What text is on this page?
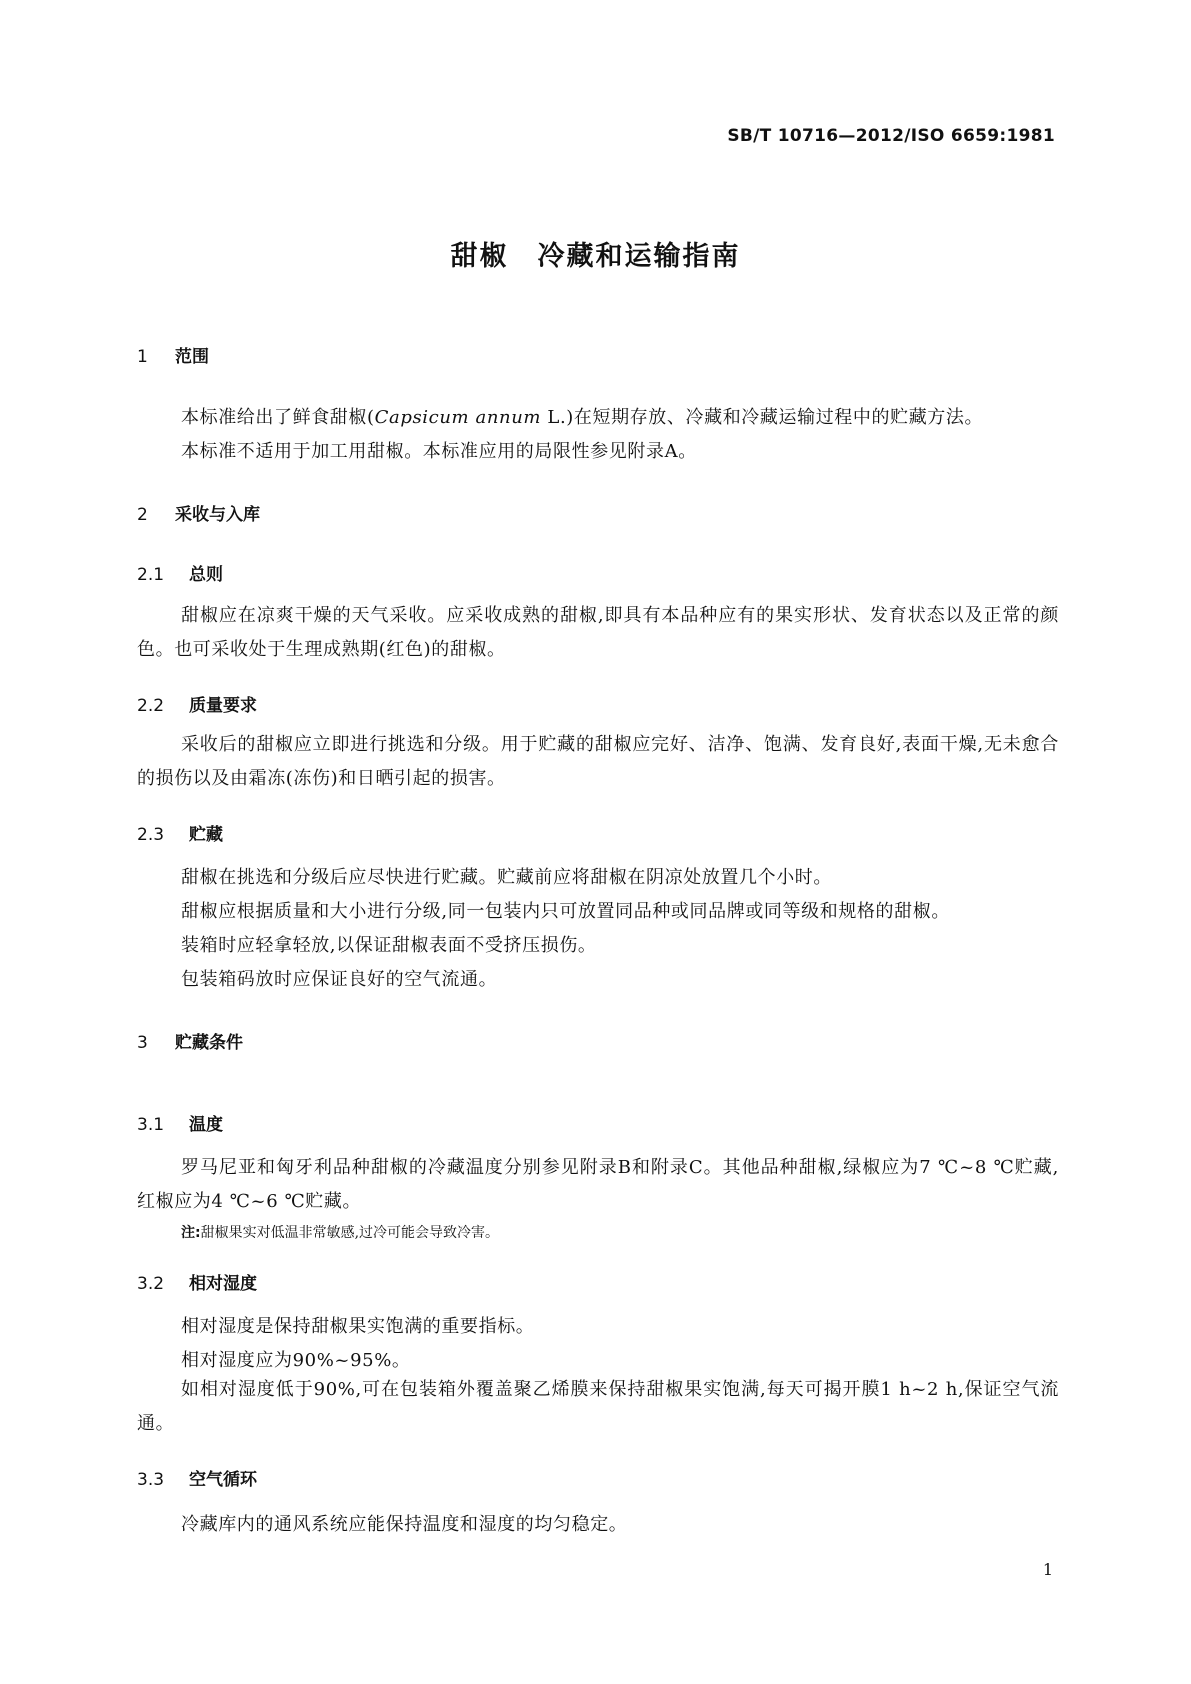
SB/T 10716—2012/ISO 6659:1981
甜椒　冷藏和运输指南
1 范围
本标准给出了鲜食甜椒(Capsicum annum L.)在短期存放、冷藏和冷藏运输过程中的贮藏方法。
本标准不适用于加工用甜椒。本标准应用的局限性参见附录A。
2 采收与入库
2.1 总则
甜椒应在凉爽干燥的天气采收。应采收成熟的甜椒,即具有本品种应有的果实形状、发育状态以及正常的颜色。也可采收处于生理成熟期(红色)的甜椒。
2.2 质量要求
采收后的甜椒应立即进行挑选和分级。用于贮藏的甜椒应完好、洁净、饱满、发育良好,表面干燥,无未愈合的损伤以及由霜冻(冻伤)和日晒引起的损害。
2.3 贮藏
甜椒在挑选和分级后应尽快进行贮藏。贮藏前应将甜椒在阴凉处放置几个小时。
甜椒应根据质量和大小进行分级,同一包装内只可放置同品种或同品牌或同等级和规格的甜椒。
装箱时应轻拿轻放,以保证甜椒表面不受挤压损伤。
包装箱码放时应保证良好的空气流通。
3 贮藏条件
3.1 温度
罗马尼亚和匈牙利品种甜椒的冷藏温度分别参见附录B和附录C。其他品种甜椒,绿椒应为7 ℃~8 ℃贮藏,红椒应为4 ℃~6 ℃贮藏。
注:甜椒果实对低温非常敏感,过冷可能会导致冷害。
3.2 相对湿度
相对湿度是保持甜椒果实饱满的重要指标。
相对湿度应为90%~95%。
如相对湿度低于90%,可在包装箱外覆盖聚乙烯膜来保持甜椒果实饱满,每天可揭开膜1 h~2 h,保证空气流通。
3.3 空气循环
冷藏库内的通风系统应能保持温度和湿度的均匀稳定。
1
